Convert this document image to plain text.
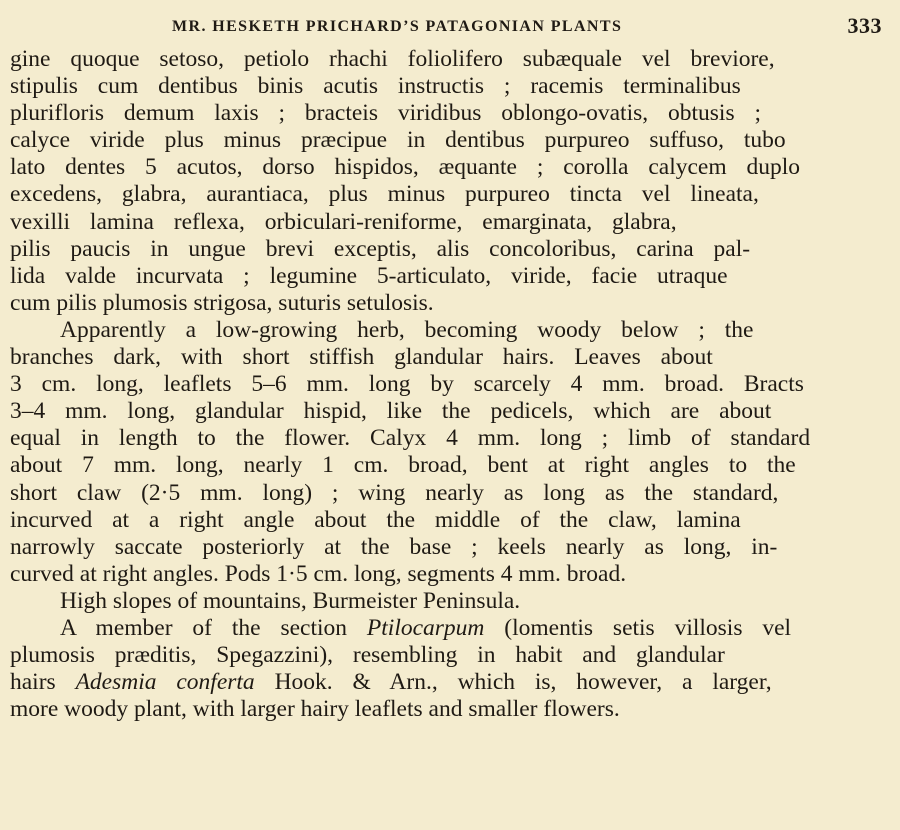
MR. HESKETH PRICHARD’S PATAGONIAN PLANTS	333
gine quoque setoso, petiolo rhachi foliolifero subæquale vel breviore,
stipulis cum dentibus binis acutis instructis ; racemis terminalibus
plurifloris demum laxis ; bracteis viridibus oblongo-ovatis, obtusis ;
calyce viride plus minus præcipue in dentibus purpureo suffuso, tubo
lato dentes 5 acutos, dorso hispidos, æquante ; corolla calycem duplo
excedens, glabra, aurantiaca, plus minus purpureo tincta vel lineata,
vexilli lamina reflexa, orbiculari-reniforme, emarginata, glabra,
pilis paucis in ungue brevi exceptis, alis concoloribus, carina pal-
lida valde incurvata ; legumine 5-articulato, viride, facie utraque
cum pilis plumosis strigosa, suturis setulosis.
Apparently a low-growing herb, becoming woody below ; the
branches dark, with short stiffish glandular hairs. Leaves about
3 cm. long, leaflets 5–6 mm. long by scarcely 4 mm. broad. Bracts
3–4 mm. long, glandular hispid, like the pedicels, which are about
equal in length to the flower. Calyx 4 mm. long ; limb of standard
about 7 mm. long, nearly 1 cm. broad, bent at right angles to the
short claw (2·5 mm. long) ; wing nearly as long as the standard,
incurved at a right angle about the middle of the claw, lamina
narrowly saccate posteriorly at the base ; keels nearly as long, in-
curved at right angles. Pods 1·5 cm. long, segments 4 mm. broad.
High slopes of mountains, Burmeister Peninsula.
A member of the section Ptilocarpum (lomentis setis villosis vel
plumosis præditis, Spegazzini), resembling in habit and glandular
hairs Adesmia conferta Hook. & Arn., which is, however, a larger,
more woody plant, with larger hairy leaflets and smaller flowers.
